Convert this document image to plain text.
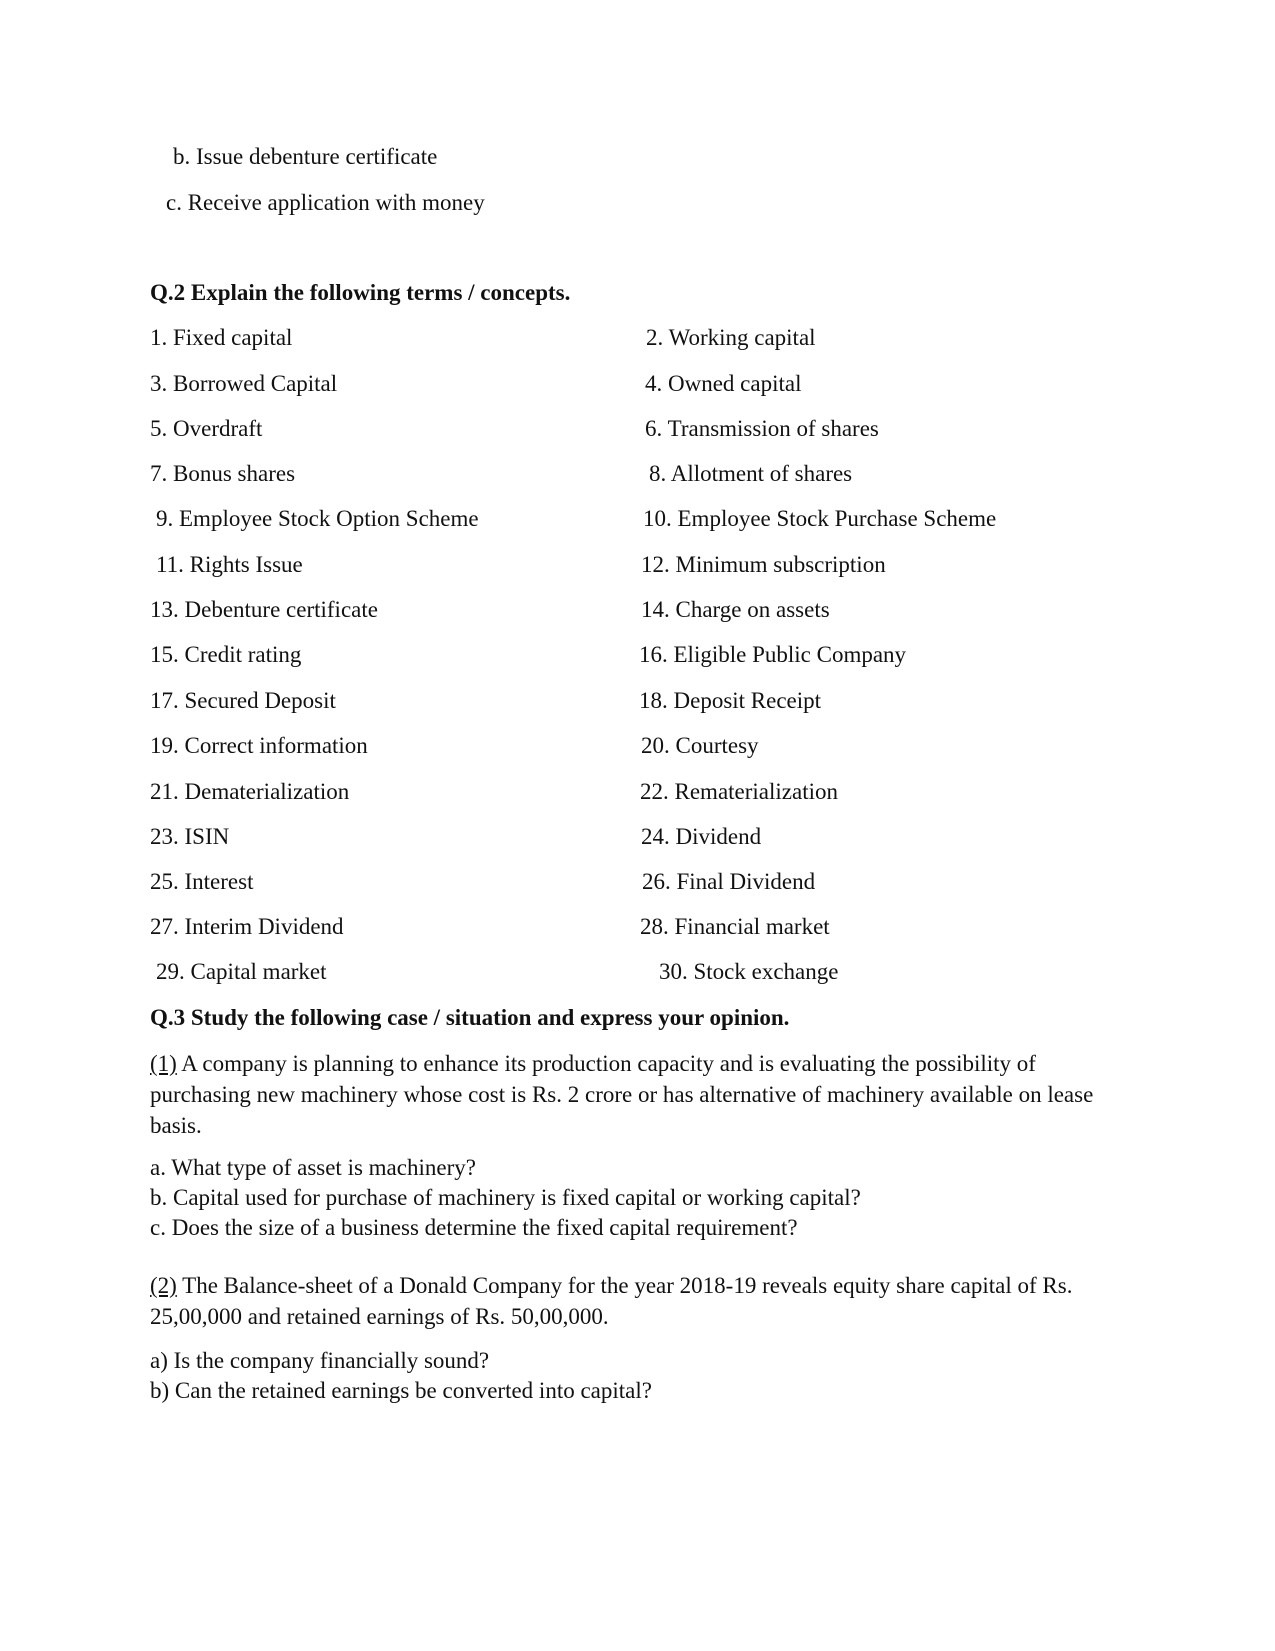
b. Issue debenture certificate
c. Receive application with money
Q.2 Explain the following terms / concepts.
1. Fixed capital
3. Borrowed Capital
5. Overdraft
7. Bonus shares
9. Employee Stock Option Scheme
11. Rights Issue
13. Debenture certificate
15. Credit rating
17. Secured Deposit
19. Correct information
21. Dematerialization
23. ISIN
25. Interest
27. Interim Dividend
29. Capital market
2. Working capital
4. Owned capital
6. Transmission of shares
8. Allotment of shares
10. Employee Stock Purchase Scheme
12. Minimum subscription
14. Charge on assets
16. Eligible Public Company
18. Deposit Receipt
20. Courtesy
22. Rematerialization
24. Dividend
26. Final Dividend
28. Financial market
30. Stock exchange
Q.3 Study the following case / situation and express your opinion.
(1) A company is planning to enhance its production capacity and is evaluating the possibility of purchasing new machinery whose cost is Rs. 2 crore or has alternative of machinery available on lease basis.
a. What type of asset is machinery?
b. Capital used for purchase of machinery is fixed capital or working capital?
c. Does the size of a business determine the fixed capital requirement?
(2) The Balance-sheet of a Donald Company for the year 2018-19 reveals equity share capital of Rs. 25,00,000 and retained earnings of Rs. 50,00,000.
a) Is the company financially sound?
b) Can the retained earnings be converted into capital?
